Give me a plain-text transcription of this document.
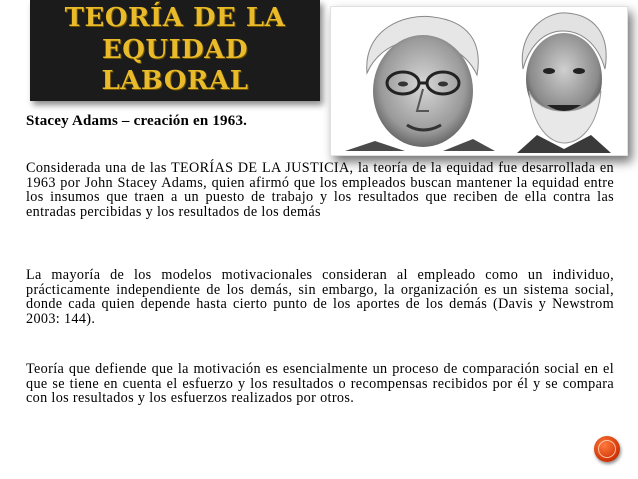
TEORÍA DE LA
EQUIDAD
LABORAL
Stacey Adams – creación en 1963.
Considerada una de las TEORÍAS DE LA JUSTICIA, la teoría de la equidad fue desarrollada en 1963 por John Stacey Adams, quien afirmó que los empleados buscan mantener la equidad entre los insumos que traen a un puesto de trabajo y los resultados que reciben de ella contra las entradas percibidas y los resultados de los demás
La mayoría de los modelos motivacionales consideran al empleado como un individuo, prácticamente independiente de los demás, sin embargo, la organización es un sistema social, donde cada quien depende hasta cierto punto de los aportes de los demás (Davis y Newstrom 2003: 144).
Teoría que defiende que la motivación es esencialmente un proceso de comparación social en el que se tiene en cuenta el esfuerzo y los resultados o recompensas recibidos por él y se compara con los resultados y los esfuerzos realizados por otros.
